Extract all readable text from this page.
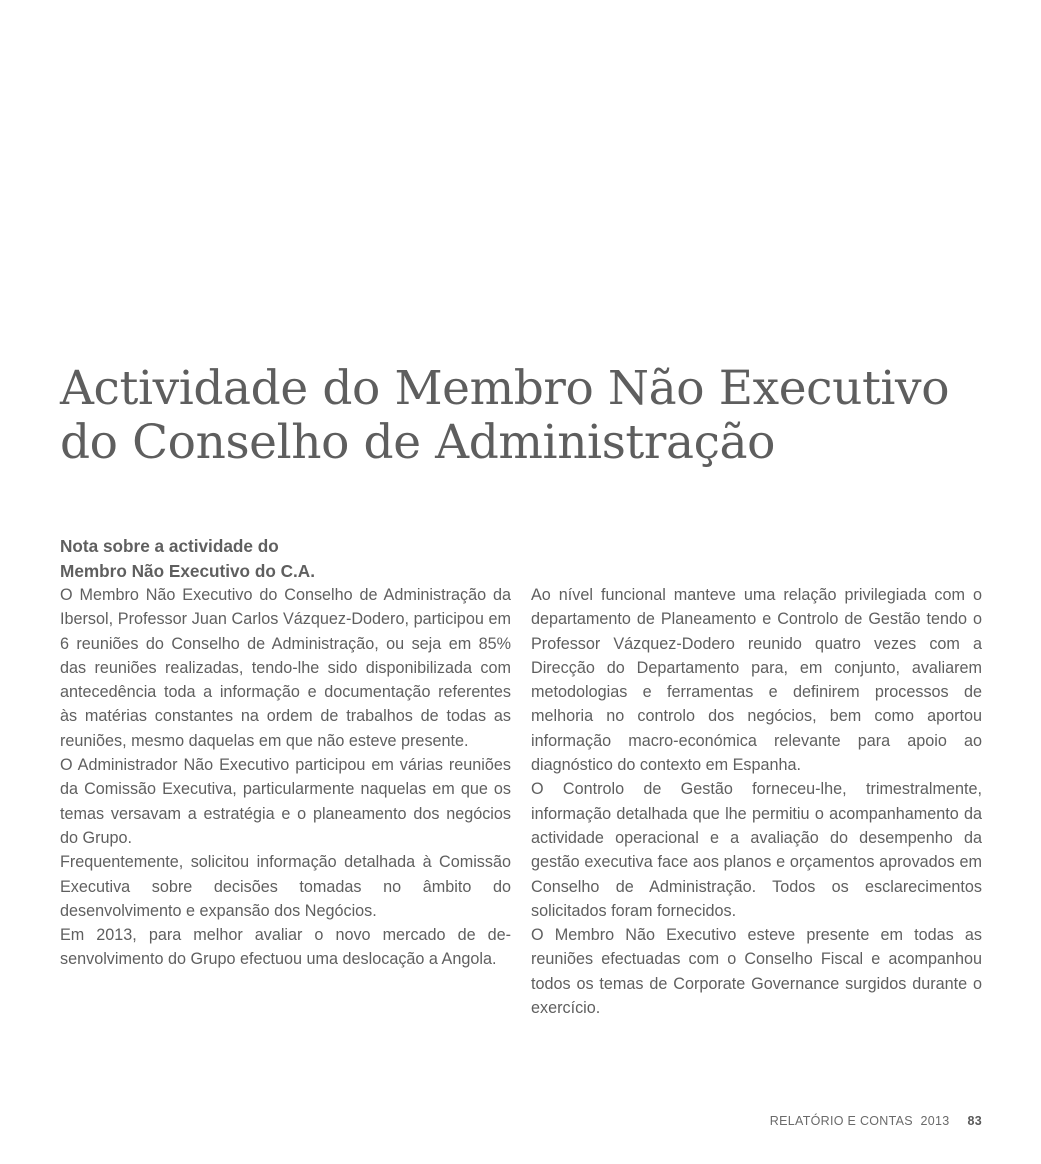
Actividade do Membro Não Executivo
do Conselho de Administração
Nota sobre a actividade do
Membro Não Executivo do C.A.

O Membro Não Executivo do Conselho de Administração da Ibersol, Professor Juan Carlos Vázquez-Dodero, participou em 6 reuniões do Conselho de Administração, ou seja em 85% das reuniões realizadas, tendo-lhe sido disponibilizada com antecedência toda a informação e documentação referentes às matérias constantes na ordem de trabalhos de todas as reuniões, mesmo daquelas em que não esteve presente.

O Administrador Não Executivo participou em várias reuniões da Comissão Executiva, particularmente naquelas em que os temas versavam a estratégia e o planeamento dos negócios do Grupo.

Frequentemente, solicitou informação detalhada à Comissão Executiva sobre decisões tomadas no âmbito do desenvolvimento e expansão dos Negócios.

Em 2013, para melhor avaliar o novo mercado de desenvolvimento do Grupo efectuou uma deslocação a Angola.

Ao nível funcional manteve uma relação privilegiada com o departamento de Planeamento e Controlo de Gestão tendo o Professor Vázquez-Dodero reunido quatro vezes com a Direcção do Departamento para, em conjunto, avaliarem metodologias e ferramentas e definirem processos de melhoria no controlo dos negócios, bem como aportou informação macro-económica relevante para apoio ao diagnóstico do contexto em Espanha.

O Controlo de Gestão forneceu-lhe, trimestralmente, informação detalhada que lhe permitiu o acompanhamento da actividade operacional e a avaliação do desempenho da gestão executiva face aos planos e orçamentos aprovados em Conselho de Administração. Todos os esclarecimentos solicitados foram fornecidos.

O Membro Não Executivo esteve presente em todas as reuniões efectuadas com o Conselho Fiscal e acompanhou todos os temas de Corporate Governance surgidos durante o exercício.

RELATÓRIO E CONTAS  2013 83
